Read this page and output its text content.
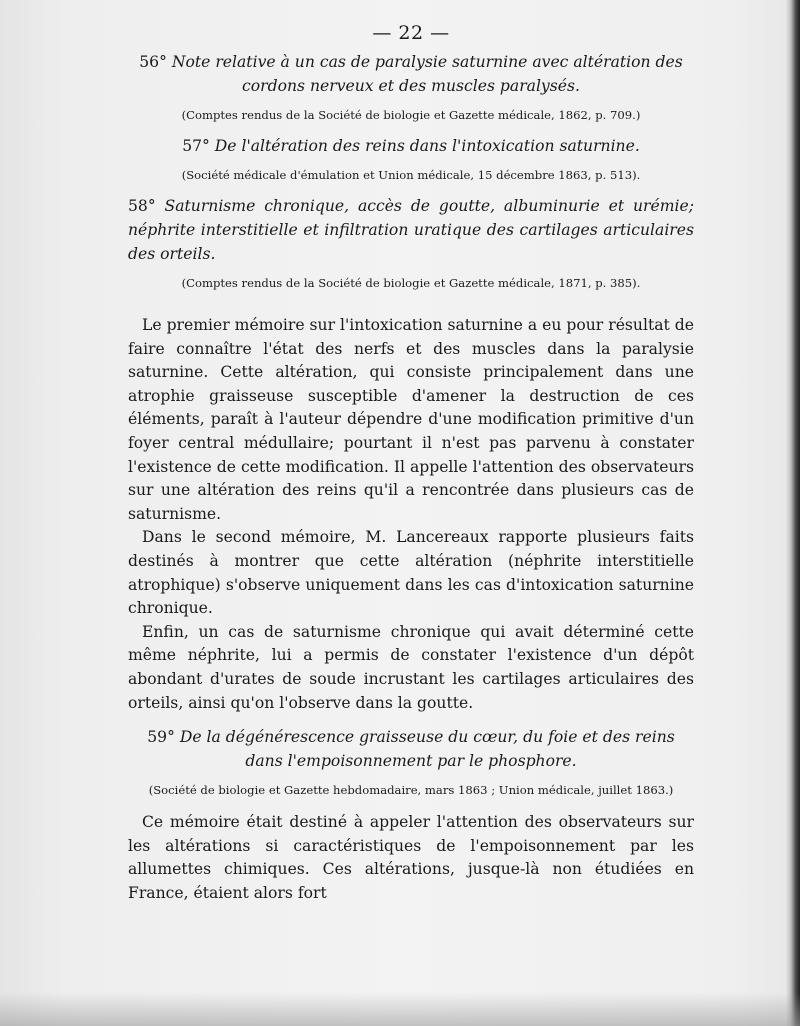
— 22 —

56° Note relative à un cas de paralysie saturnine avec altération des cordons nerveux et des muscles paralysés.

(Comptes rendus de la Société de biologie et Gazette médicale, 1862, p. 709.)

57° De l'altération des reins dans l'intoxication saturnine.

(Société médicale d'émulation et Union médicale, 15 décembre 1863, p. 513).

58° Saturnisme chronique, accès de goutte, albuminurie et urémie; néphrite interstitielle et infiltration uratique des cartilages articulaires des orteils.

(Comptes rendus de la Société de biologie et Gazette médicale, 1871, p. 385).

Le premier mémoire sur l'intoxication saturnine a eu pour résultat de faire connaître l'état des nerfs et des muscles dans la paralysie saturnine. Cette altération, qui consiste principalement dans une atrophie graisseuse susceptible d'amener la destruction de ces éléments, paraît à l'auteur dépendre d'une modification primitive d'un foyer central médullaire; pourtant il n'est pas parvenu à constater l'existence de cette modification. Il appelle l'attention des observateurs sur une altération des reins qu'il a rencontrée dans plusieurs cas de saturnisme.

Dans le second mémoire, M. Lancereaux rapporte plusieurs faits destinés à montrer que cette altération (néphrite interstitielle atrophique) s'observe uniquement dans les cas d'intoxication saturnine chronique.

Enfin, un cas de saturnisme chronique qui avait déterminé cette même néphrite, lui a permis de constater l'existence d'un dépôt abondant d'urates de soude incrustant les cartilages articulaires des orteils, ainsi qu'on l'observe dans la goutte.

59° De la dégénérescence graisseuse du cœur, du foie et des reins dans l'empoisonnement par le phosphore.

(Société de biologie et Gazette hebdomadaire, mars 1863 ; Union médicale, juillet 1863.)

Ce mémoire était destiné à appeler l'attention des observateurs sur les altérations si caractéristiques de l'empoisonnement par les allumettes chimiques. Ces altérations, jusque-là non étudiées en France, étaient alors fort
